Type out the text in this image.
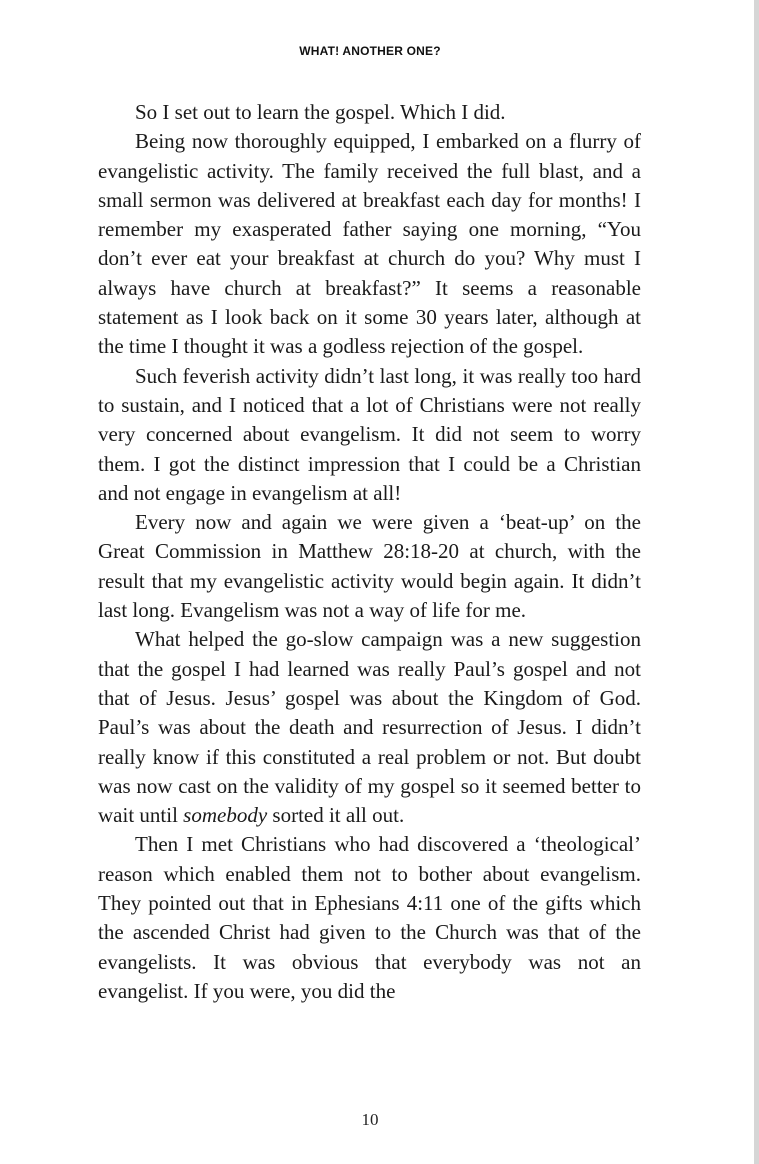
WHAT! ANOTHER ONE?

So I set out to learn the gospel. Which I did.

Being now thoroughly equipped, I embarked on a flurry of evangelistic activity. The family received the full blast, and a small sermon was delivered at breakfast each day for months! I remember my exasperated father saying one morning, “You don’t ever eat your breakfast at church do you? Why must I always have church at breakfast?” It seems a reasonable statement as I look back on it some 30 years later, although at the time I thought it was a godless rejection of the gospel.

Such feverish activity didn’t last long, it was really too hard to sustain, and I noticed that a lot of Christians were not really very concerned about evangelism. It did not seem to worry them. I got the distinct impression that I could be a Christian and not engage in evangelism at all!

Every now and again we were given a ‘beat-up’ on the Great Commission in Matthew 28:18-20 at church, with the result that my evangelistic activity would begin again. It didn’t last long. Evangelism was not a way of life for me.

What helped the go-slow campaign was a new suggestion that the gospel I had learned was really Paul’s gospel and not that of Jesus. Jesus’ gospel was about the Kingdom of God. Paul’s was about the death and resurrection of Jesus. I didn’t really know if this constituted a real problem or not. But doubt was now cast on the validity of my gospel so it seemed better to wait until somebody sorted it all out.

Then I met Christians who had discovered a ‘theological’ reason which enabled them not to bother about evangelism. They pointed out that in Ephesians 4:11 one of the gifts which the ascended Christ had given to the Church was that of the evangelists. It was obvious that everybody was not an evangelist. If you were, you did the

10
